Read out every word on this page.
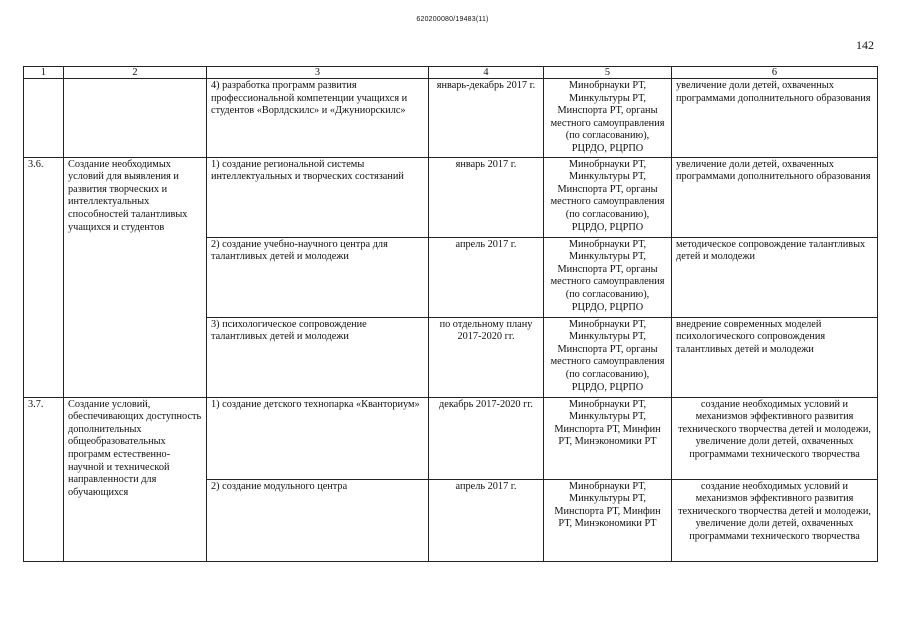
620200080/19483(11)
142
1	2	3	4	5	6
		4) разработка программ развития профессиональной компетенции учащихся и студентов «Ворлдскилс» и «Джуниорскилс»	январь-декабрь 2017 г.	Минобрнауки РТ, Минкультуры РТ, Минспорта РТ, органы местного самоуправления (по согласованию), РЦРДО, РЦРПО	увеличение доли детей, охваченных программами дополнительного образования
3.6.	Создание необходимых условий для выявления и развития творческих и интеллектуальных способностей талантливых учащихся и студентов	1) создание региональной системы интеллектуальных и творческих состязаний	январь 2017 г.	Минобрнауки РТ, Минкультуры РТ, Минспорта РТ, органы местного самоуправления (по согласованию), РЦРДО, РЦРПО	увеличение доли детей, охваченных программами дополнительного образования
		2) создание учебно-научного центра для талантливых детей и молодежи	апрель 2017 г.	Минобрнауки РТ, Минкультуры РТ, Минспорта РТ, органы местного самоуправления (по согласованию), РЦРДО, РЦРПО	методическое сопровождение талантливых детей и молодежи
		3) психологическое сопровождение талантливых детей и молодежи	по отдельному плану 2017-2020 гг.	Минобрнауки РТ, Минкультуры РТ, Минспорта РТ, органы местного самоуправления (по согласованию), РЦРДО, РЦРПО	внедрение современных моделей психологического сопровождения талантливых детей и молодежи
3.7.	Создание условий, обеспечивающих доступность дополнительных общеобразовательных программ естественно-научной и технической направленности для обучающихся	1) создание детского технопарка «Кванториум»	декабрь 2017-2020 гг.	Минобрнауки РТ, Минкультуры РТ, Минспорта РТ, Минфин РТ, Минэкономики РТ	создание необходимых условий и механизмов эффективного развития технического творчества детей и молодежи, увеличение доли детей, охваченных программами технического творчества
		2) создание модульного центра	апрель 2017 г.	Минобрнауки РТ, Минкультуры РТ, Минспорта РТ, Минфин РТ, Минэкономики РТ	создание необходимых условий и механизмов эффективного развития технического творчества детей и молодежи, увеличение доли детей, охваченных программами технического творчества
